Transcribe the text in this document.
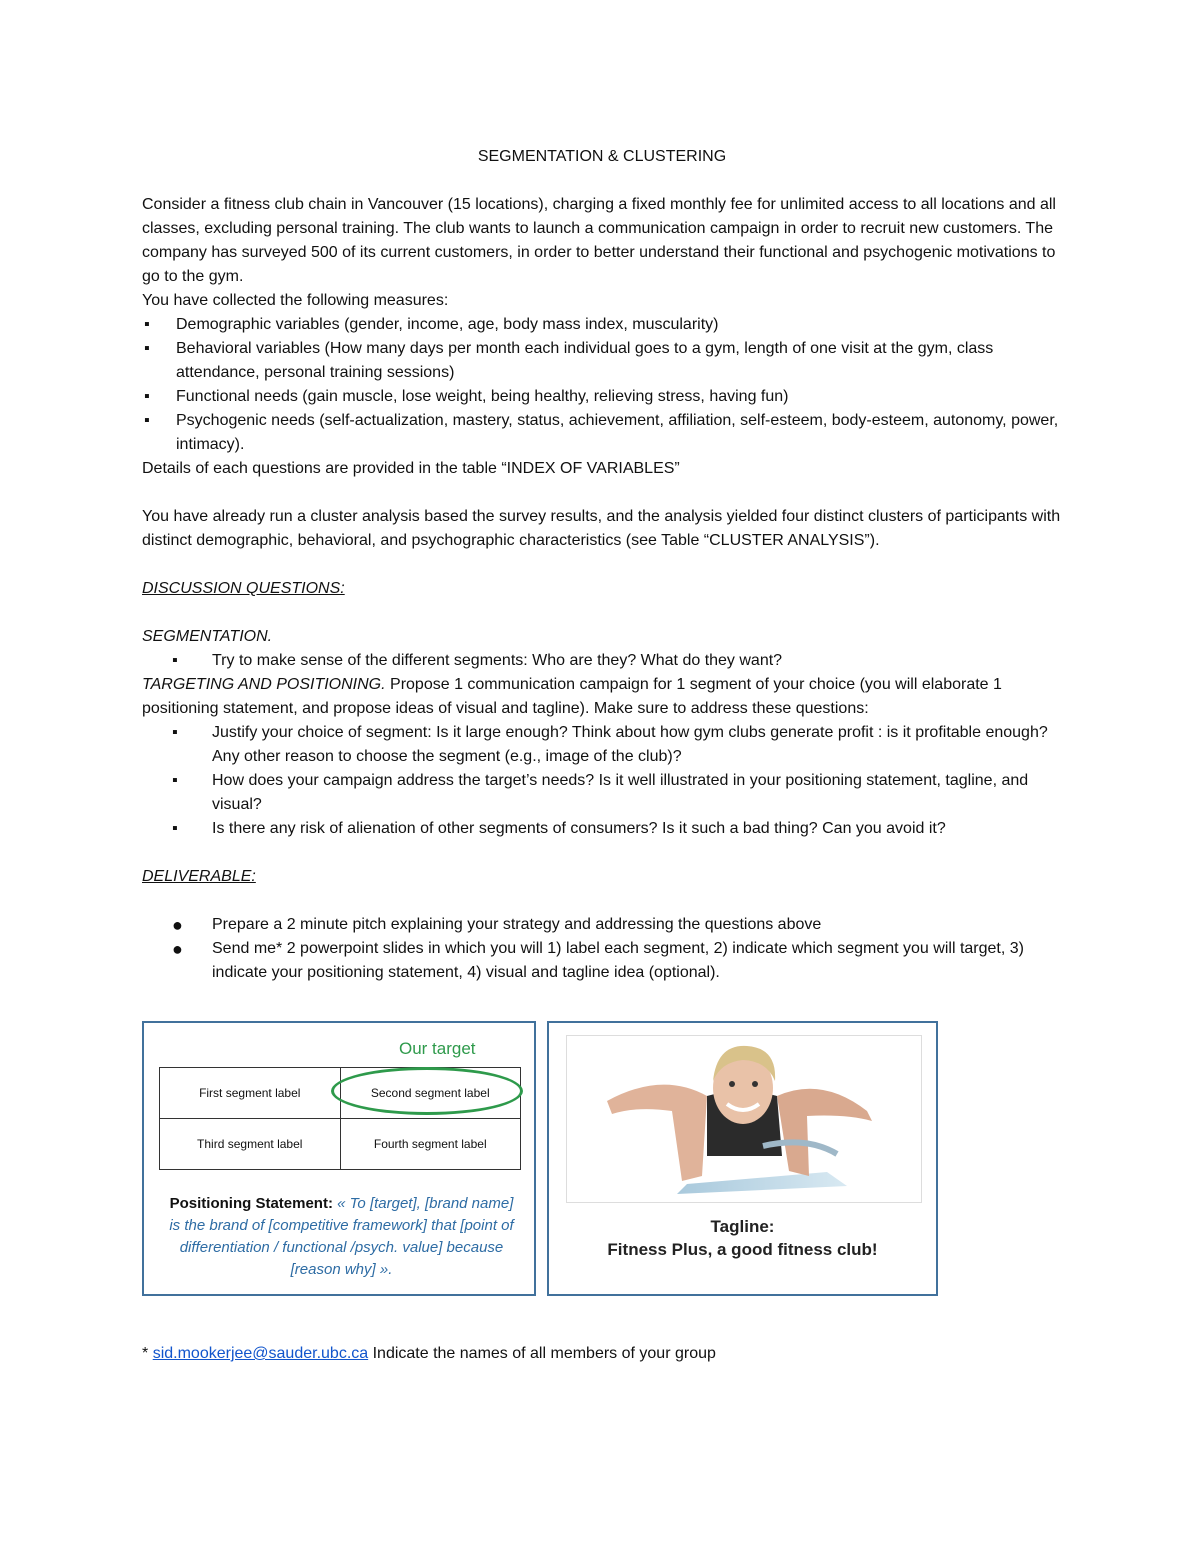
SEGMENTATION & CLUSTERING

Consider a fitness club chain in Vancouver (15 locations), charging a fixed monthly fee for unlimited access to all locations and all classes, excluding personal training. The club wants to launch a communication campaign in order to recruit new customers. The company has surveyed 500 of its current customers, in order to better understand their functional and psychogenic motivations to go to the gym.

You have collected the following measures:

▪	Demographic variables (gender, income, age, body mass index, muscularity)
▪	Behavioral variables (How many days per month each individual goes to a gym, length of one visit at the gym, class attendance, personal training sessions)
▪	Functional needs (gain muscle, lose weight, being healthy, relieving stress, having fun)
▪	Psychogenic needs (self-actualization, mastery, status, achievement, affiliation, self-esteem, body-esteem, autonomy, power, intimacy).

Details of each questions are provided in the table “INDEX OF VARIABLES”

You have already run a cluster analysis based the survey results, and the analysis yielded four distinct clusters of participants with distinct demographic, behavioral, and psychographic characteristics (see Table “CLUSTER ANALYSIS”).

DISCUSSION QUESTIONS:

SEGMENTATION.

▪	Try to make sense of the different segments: Who are they? What do they want?

TARGETING AND POSITIONING. Propose 1 communication campaign for 1 segment of your choice (you will elaborate 1 positioning statement, and propose ideas of visual and tagline). Make sure to address these questions:

▪	Justify your choice of segment: Is it large enough? Think about how gym clubs generate profit : is it profitable enough? Any other reason to choose the segment (e.g., image of the club)?
▪	How does your campaign address the target’s needs? Is it well illustrated in your positioning statement, tagline, and visual?
▪	Is there any risk of alienation of other segments of consumers? Is it such a bad thing? Can you avoid it?

DELIVERABLE:

●	Prepare a 2 minute pitch explaining your strategy and addressing the questions above
●	Send me* 2 powerpoint slides in which you will 1) label each segment, 2) indicate which segment you will target, 3) indicate your positioning statement, 4) visual and tagline idea (optional).
Our target
First segment label	Second segment label
Third segment label	Fourth segment label
Positioning Statement: « To [target], [brand name] is the brand of [competitive framework] that [point of differentiation / functional /psych. value] because [reason why] ».
Tagline:
Fitness Plus, a good fitness club!
* sid.mookerjee@sauder.ubc.ca Indicate the names of all members of your group
